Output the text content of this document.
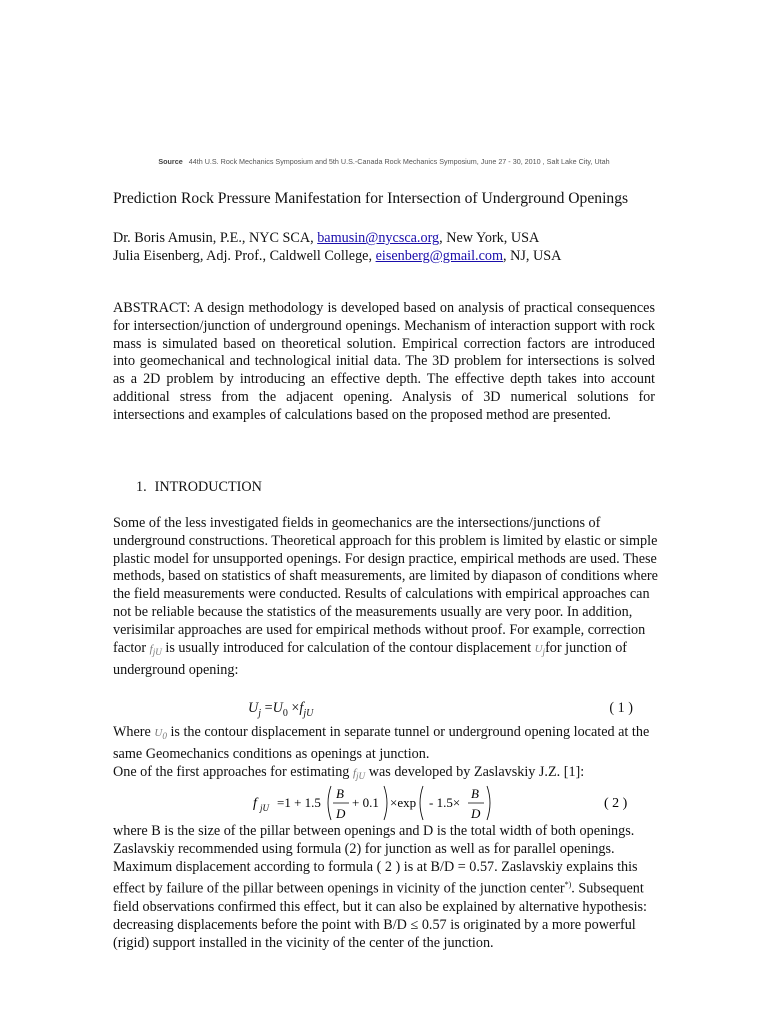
Source 44th U.S. Rock Mechanics Symposium and 5th U.S.-Canada Rock Mechanics Symposium, June 27 - 30, 2010 , Salt Lake City, Utah
Prediction Rock Pressure Manifestation for Intersection of Underground Openings
Dr. Boris Amusin, P.E., NYC SCA, bamusin@nycsca.org, New York, USA
Julia Eisenberg, Adj. Prof., Caldwell College, eisenberg@gmail.com, NJ, USA

ABSTRACT: A design methodology is developed based on analysis of practical consequences for intersection/junction of underground openings. Mechanism of interaction support with rock mass is simulated based on theoretical solution. Empirical correction factors are introduced into geomechanical and technological initial data. The 3D problem for intersections is solved as a 2D problem by introducing an effective depth. The effective depth takes into account additional stress from the adjacent opening. Analysis of 3D numerical solutions for intersections and examples of calculations based on the proposed method are presented.

1. INTRODUCTION

Some of the less investigated fields in geomechanics are the intersections/junctions of underground constructions. Theoretical approach for this problem is limited by elastic or simple plastic model for unsupported openings. For design practice, empirical methods are used. These methods, based on statistics of shaft measurements, are limited by diapason of conditions where the field measurements were conducted. Results of calculations with empirical approaches can not be reliable because the statistics of the measurements usually are very poor. In addition, verisimilar approaches are used for empirical methods without proof. For example, correction factor $f_{jU}$ is usually introduced for calculation of the contour displacement $U_jfor$ junction of underground opening:

$U_j =U_0 \times f_{jU}$	( 1 )

Where $U_0$ is the contour displacement in separate tunnel or underground opening located at the same Geomechanics conditions as openings at junction.
One of the first approaches for estimating $f_{jU}$ was developed by Zaslavskiy J.Z. [1]:

f jU =1 + 1.5
B
D
+ 0.1 ×exp - 1.5×
B
D
( 2 )

where B is the size of the pillar between openings and D is the total width of both openings. Zaslavskiy recommended using formula (2) for junction as well as for parallel openings. Maximum displacement according to formula ( 2 ) is at B/D = 0.57. Zaslavskiy explains this effect by failure of the pillar between openings in vicinity of the junction center*). Subsequent field observations confirmed this effect, but it can also be explained by alternative hypothesis: decreasing displacements before the point with B/D ≤ 0.57 is originated by a more powerful (rigid) support installed in the vicinity of the center of the junction.
